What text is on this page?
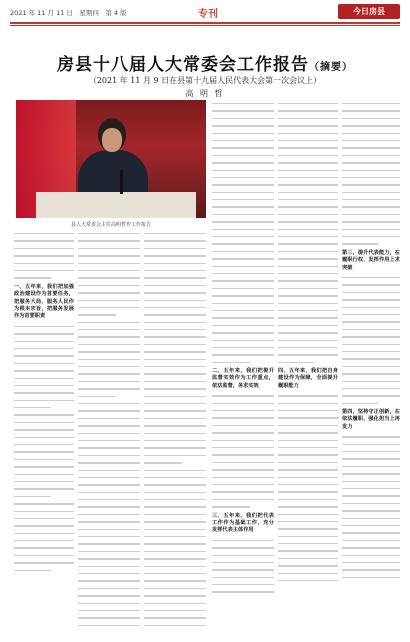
2021 年 11 月 11 日　星期四　第 4 版	专刊	今日房县
房县十八届人大常委会工作报告（摘要）
（2021 年 11 月 9 日在县第十九届人民代表大会第一次会议上）
高 明 哲
县人大常委会主任高明哲作工作报告
一、五年来，我们把加强政治建设作为首要任务，把服务大局、服务人民作为根本宗旨，把服务发展作为首要职责
二、五年来，我们把提升监督实效作为工作重点，依法监督，务求实效
三、五年来，我们把代表工作作为基础工作，充分发挥代表主体作用
四、五年来，我们把自身建设作为保障，全面提升履职能力
第三，提升代表能力，在履职行权、发挥作用上求突破
第四，坚持守正创新，在依法履职、强化担当上再发力
